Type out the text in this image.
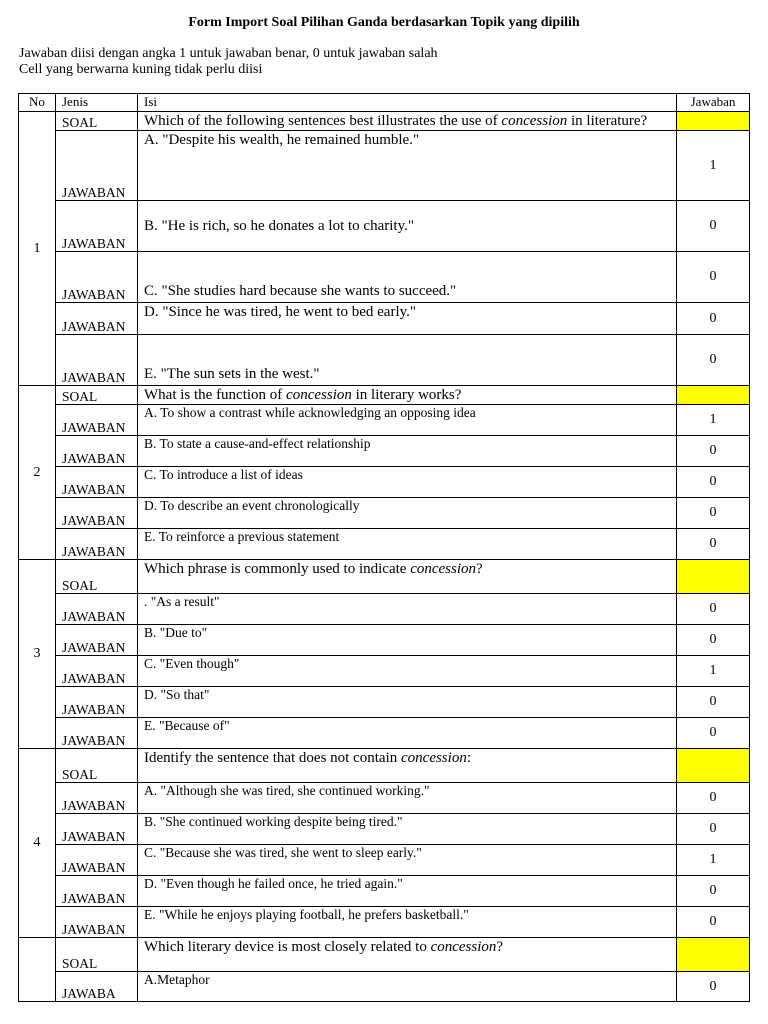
Form Import Soal Pilihan Ganda berdasarkan Topik yang dipilih
Jawaban diisi dengan angka 1 untuk jawaban benar, 0 untuk jawaban salah
Cell yang berwarna kuning tidak perlu diisi
No	Jenis	Isi	Jawaban
1	SOAL	Which of the following sentences best illustrates the use of concession in literature?	

	JAWABAN	A. "Despite his wealth, he remained humble."	1

	JAWABAN	B. "He is rich, so he donates a lot to charity."	0

	JAWABAN	C. "She studies hard because she wants to succeed."	0

	JAWABAN	D. "Since he was tired, he went to bed early."	0

	JAWABAN	E. "The sun sets in the west."	0
2	SOAL	What is the function of concession in literary works?	

	JAWABAN	A. To show a contrast while acknowledging an opposing idea	1

	JAWABAN	B. To state a cause-and-effect relationship	0

	JAWABAN	C. To introduce a list of ideas	0

	JAWABAN	D. To describe an event chronologically	0

	JAWABAN	E. To reinforce a previous statement	0
3	SOAL	Which phrase is commonly used to indicate concession?	

	JAWABAN	. "As a result"	0

	JAWABAN	B. "Due to"	0

	JAWABAN	C. "Even though"	1

	JAWABAN	D. "So that"	0

	JAWABAN	E. "Because of"	0
4	SOAL	Identify the sentence that does not contain concession:	

	JAWABAN	A. "Although she was tired, she continued working."	0

	JAWABAN	B. "She continued working despite being tired."	0

	JAWABAN	C. "Because she was tired, she went to sleep early."	1

	JAWABAN	D. "Even though he failed once, he tried again."	0

	JAWABAN	E. "While he enjoys playing football, he prefers basketball."	0

	SOAL	Which literary device is most closely related to concession?	

	JAWABA	A.Metaphor	0
